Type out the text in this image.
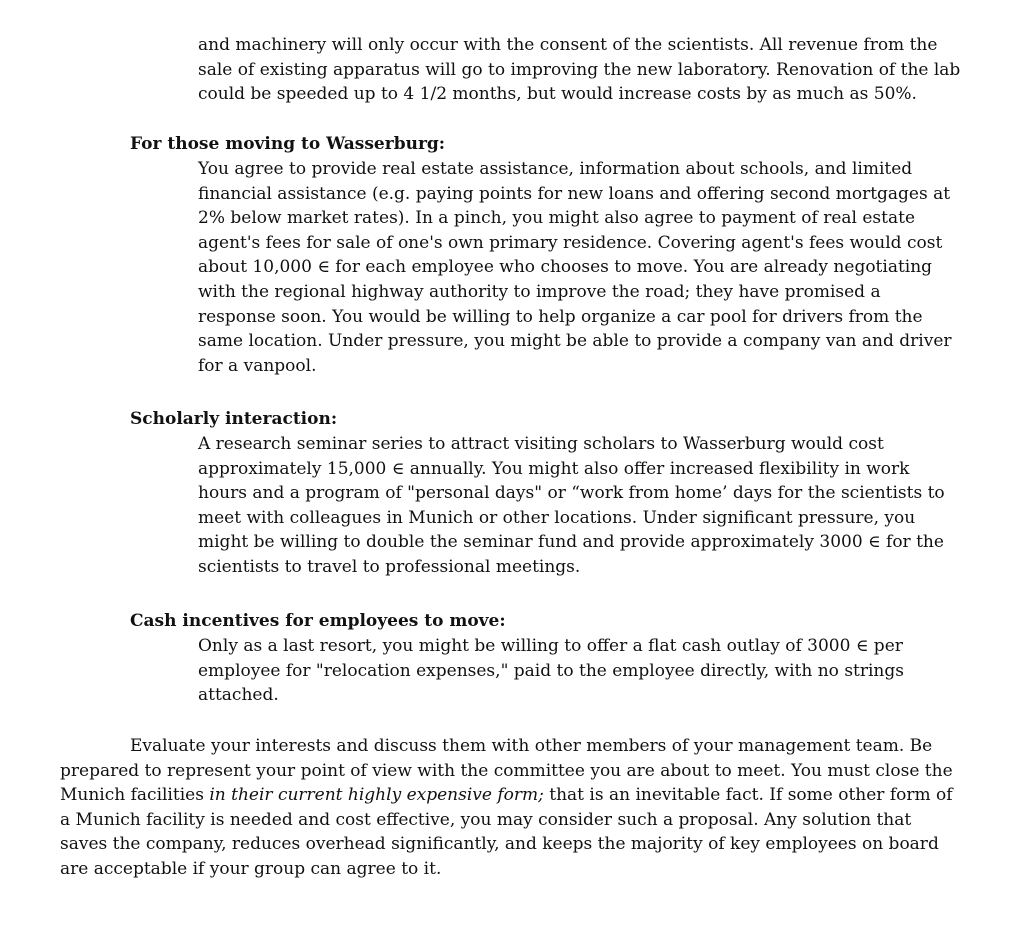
and machinery will only occur with the consent of the scientists. All revenue from the sale of existing apparatus will go to improving the new laboratory. Renovation of the lab could be speeded up to 4 1/2 months, but would increase costs by as much as 50%.

For those moving to Wasserburg:

You agree to provide real estate assistance, information about schools, and limited financial assistance (e.g. paying points for new loans and offering second mortgages at 2% below market rates). In a pinch, you might also agree to payment of real estate agent's fees for sale of one's own primary residence. Covering agent's fees would cost about 10,000 ∈ for each employee who chooses to move. You are already negotiating with the regional highway authority to improve the road; they have promised a response soon. You would be willing to help organize a car pool for drivers from the same location. Under pressure, you might be able to provide a company van and driver for a vanpool.

Scholarly interaction:

A research seminar series to attract visiting scholars to Wasserburg would cost approximately 15,000 ∈ annually. You might also offer increased flexibility in work hours and a program of "personal days" or “work from home’ days for the scientists to meet with colleagues in Munich or other locations. Under significant pressure, you might be willing to double the seminar fund and provide approximately 3000 ∈ for the scientists to travel to professional meetings.

Cash incentives for employees to move:

Only as a last resort, you might be willing to offer a flat cash outlay of 3000 ∈ per employee for "relocation expenses," paid to the employee directly, with no strings attached.

Evaluate your interests and discuss them with other members of your management team. Be prepared to represent your point of view with the committee you are about to meet. You must close the Munich facilities in their current highly expensive form; that is an inevitable fact. If some other form of a Munich facility is needed and cost effective, you may consider such a proposal. Any solution that saves the company, reduces overhead significantly, and keeps the majority of key employees on board are acceptable if your group can agree to it.
